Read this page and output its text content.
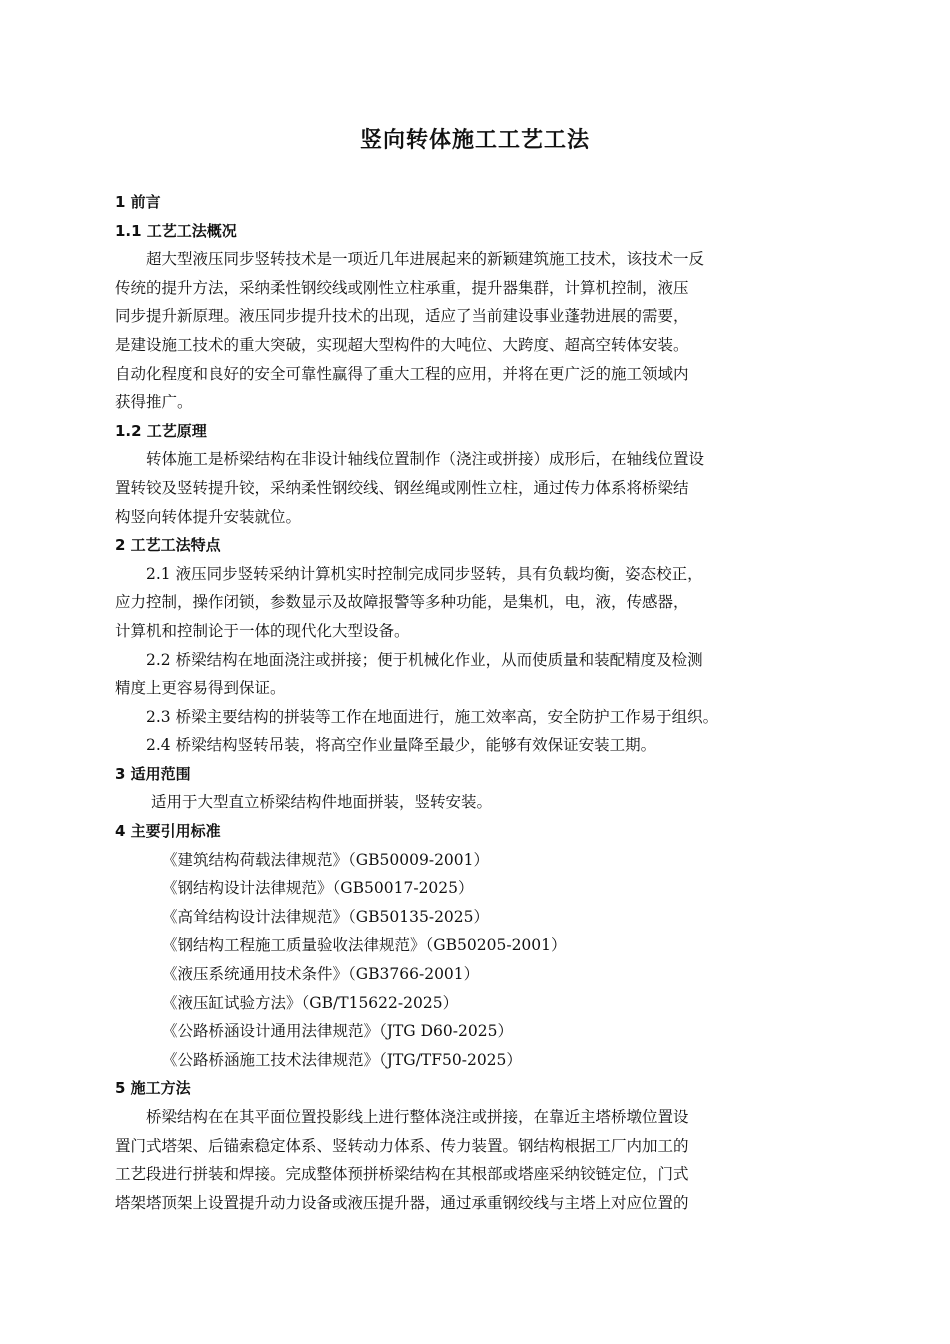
竖向转体施工工艺工法
1 前言
1.1 工艺工法概况
超大型液压同步竖转技术是一项近几年进展起来的新颖建筑施工技术，该技术一反
传统的提升方法，采纳柔性钢绞线或刚性立柱承重，提升器集群，计算机控制，液压
同步提升新原理。液压同步提升技术的出现，适应了当前建设事业蓬勃进展的需要，
是建设施工技术的重大突破，实现超大型构件的大吨位、大跨度、超高空转体安装。
自动化程度和良好的安全可靠性赢得了重大工程的应用，并将在更广泛的施工领域内
获得推广。
1.2 工艺原理
转体施工是桥梁结构在非设计轴线位置制作（浇注或拼接）成形后，在轴线位置设
置转铰及竖转提升铰，采纳柔性钢绞线、钢丝绳或刚性立柱，通过传力体系将桥梁结
构竖向转体提升安装就位。
2 工艺工法特点
2.1 液压同步竖转采纳计算机实时控制完成同步竖转，具有负载均衡，姿态校正，
应力控制，操作闭锁，参数显示及故障报警等多种功能，是集机，电，液，传感器，
计算机和控制论于一体的现代化大型设备。
2.2 桥梁结构在地面浇注或拼接；便于机械化作业，从而使质量和装配精度及检测
精度上更容易得到保证。
2.3 桥梁主要结构的拼装等工作在地面进行，施工效率高，安全防护工作易于组织。
2.4 桥梁结构竖转吊装，将高空作业量降至最少，能够有效保证安装工期。
3 适用范围
适用于大型直立桥梁结构件地面拼装，竖转安装。
4 主要引用标准
《建筑结构荷载法律规范》（GB50009-2001）
《钢结构设计法律规范》（GB50017-2025）
《高耸结构设计法律规范》（GB50135-2025）
《钢结构工程施工质量验收法律规范》（GB50205-2001）
《液压系统通用技术条件》（GB3766-2001）
《液压缸试验方法》（GB/T15622-2025）
《公路桥涵设计通用法律规范》（JTG D60-2025）
《公路桥涵施工技术法律规范》（JTG/TF50-2025）
5 施工方法
桥梁结构在在其平面位置投影线上进行整体浇注或拼接，在靠近主塔桥墩位置设
置门式塔架、后锚索稳定体系、竖转动力体系、传力装置。钢结构根据工厂内加工的
工艺段进行拼装和焊接。完成整体预拼桥梁结构在其根部或塔座采纳铰链定位，门式
塔架塔顶架上设置提升动力设备或液压提升器，通过承重钢绞线与主塔上对应位置的
